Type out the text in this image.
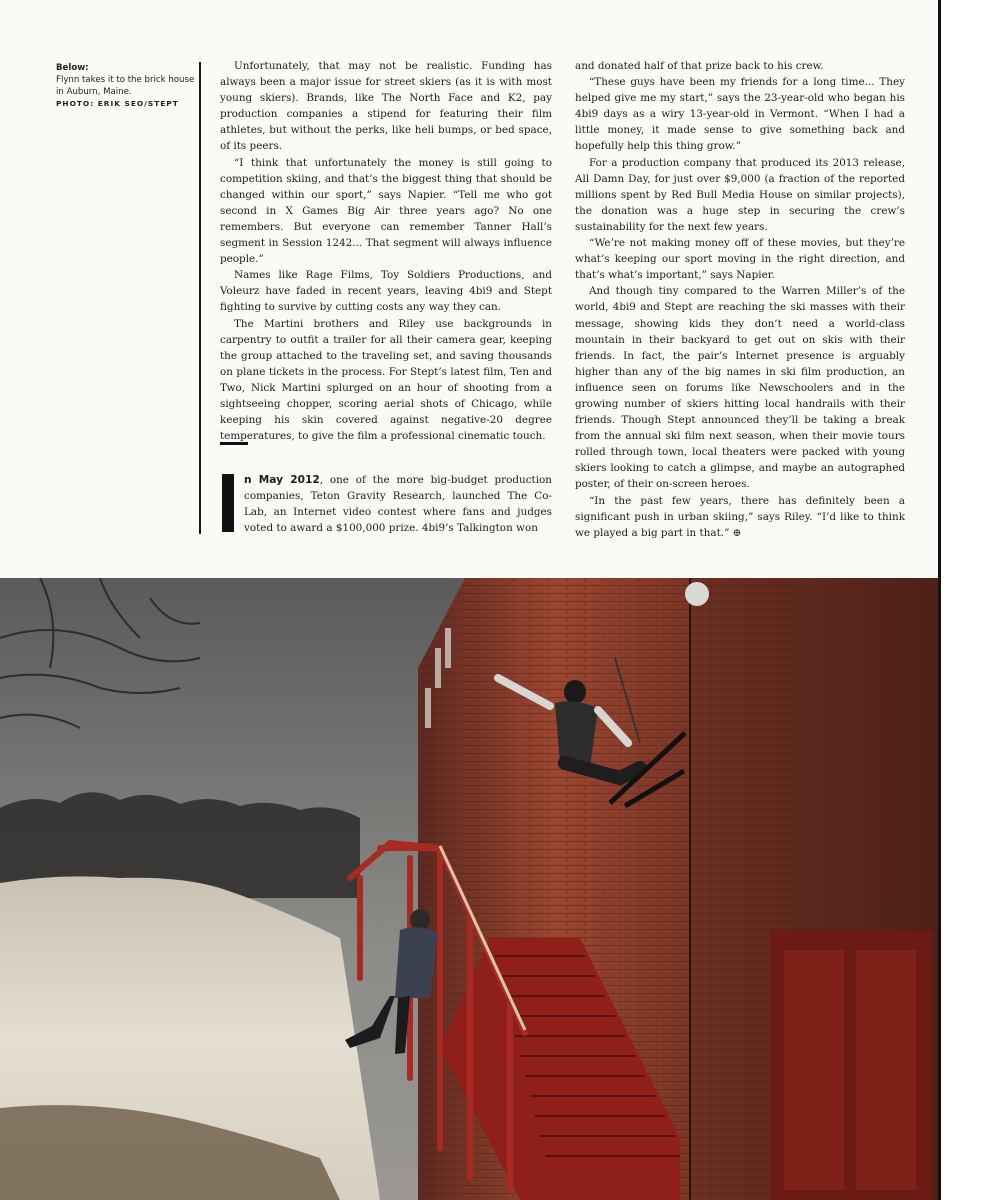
Below:
Flynn takes it to the brick house in Auburn, Maine.
PHOTO: ERIK SEO/STEPT

Unfortunately, that may not be realistic. Funding has always been a major issue for street skiers (as it is with most young skiers). Brands, like The North Face and K2, pay production companies a stipend for featuring their film athletes, but without the perks, like heli bumps, or bed space, of its peers.

“I think that unfortunately the money is still going to competition skiing, and that’s the biggest thing that should be changed within our sport,” says Napier. “Tell me who got second in X Games Big Air three years ago? No one remembers. But everyone can remember Tanner Hall’s segment in Session 1242... That segment will always influence people.”

Names like Rage Films, Toy Soldiers Productions, and Voleurz have faded in recent years, leaving 4bi9 and Stept fighting to survive by cutting costs any way they can.

The Martini brothers and Riley use backgrounds in carpentry to outfit a trailer for all their camera gear, keeping the group attached to the traveling set, and saving thousands on plane tickets in the process. For Stept’s latest film, Ten and Two, Nick Martini splurged on an hour of shooting from a sightseeing chopper, scoring aerial shots of Chicago, while keeping his skin covered against negative-20 degree temperatures, to give the film a professional cinematic touch.

n May 2012, one of the more big-budget production companies, Teton Gravity Research, launched The Co-Lab, an Internet video contest where fans and judges voted to award a $100,000 prize. 4bi9’s Talkington won

and donated half of that prize back to his crew.

“These guys have been my friends for a long time... They helped give me my start,” says the 23-year-old who began his 4bi9 days as a wiry 13-year-old in Vermont. “When I had a little money, it made sense to give something back and hopefully help this thing grow.”

For a production company that produced its 2013 release, All Damn Day, for just over $9,000 (a fraction of the reported millions spent by Red Bull Media House on similar projects), the donation was a huge step in securing the crew’s sustainability for the next few years.

“We’re not making money off of these movies, but they’re what’s keeping our sport moving in the right direction, and that’s what’s important,” says Napier.

And though tiny compared to the Warren Miller’s of the world, 4bi9 and Stept are reaching the ski masses with their message, showing kids they don’t need a world-class mountain in their backyard to get out on skis with their friends. In fact, the pair’s Internet presence is arguably higher than any of the big names in ski film production, an influence seen on forums like Newschoolers and in the growing number of skiers hitting local handrails with their friends. Though Stept announced they’ll be taking a break from the annual ski film next season, when their movie tours rolled through town, local theaters were packed with young skiers looking to catch a glimpse, and maybe an autographed poster, of their on-screen heroes.

“In the past few years, there has definitely been a significant push in urban skiing,” says Riley. “I’d like to think we played a big part in that.” ⊕
